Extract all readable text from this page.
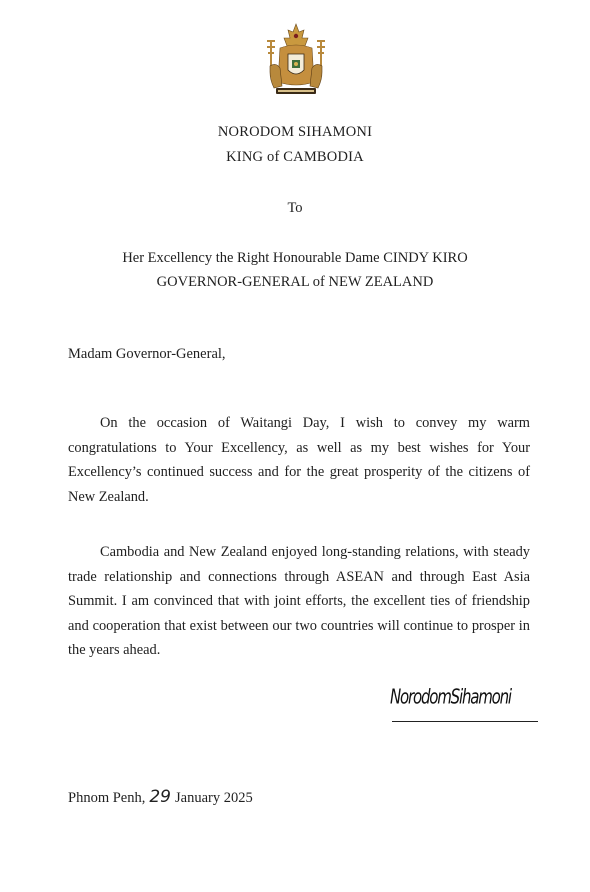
NORODOM SIHAMONI
KING of CAMBODIA
To
Her Excellency the Right Honourable Dame CINDY KIRO
GOVERNOR-GENERAL of NEW ZEALAND
Madam Governor-General,

On the occasion of Waitangi Day, I wish to convey my warm congratulations to Your Excellency, as well as my best wishes for Your Excellency’s continued success and for the great prosperity of the citizens of New Zealand.

Cambodia and New Zealand enjoyed long-standing relations, with steady trade relationship and connections through ASEAN and through East Asia Summit. I am convinced that with joint efforts, the excellent ties of friendship and cooperation that exist between our two countries will continue to prosper in the years ahead.

NorodomSihamoni
Phnom Penh, 29 January 2025
